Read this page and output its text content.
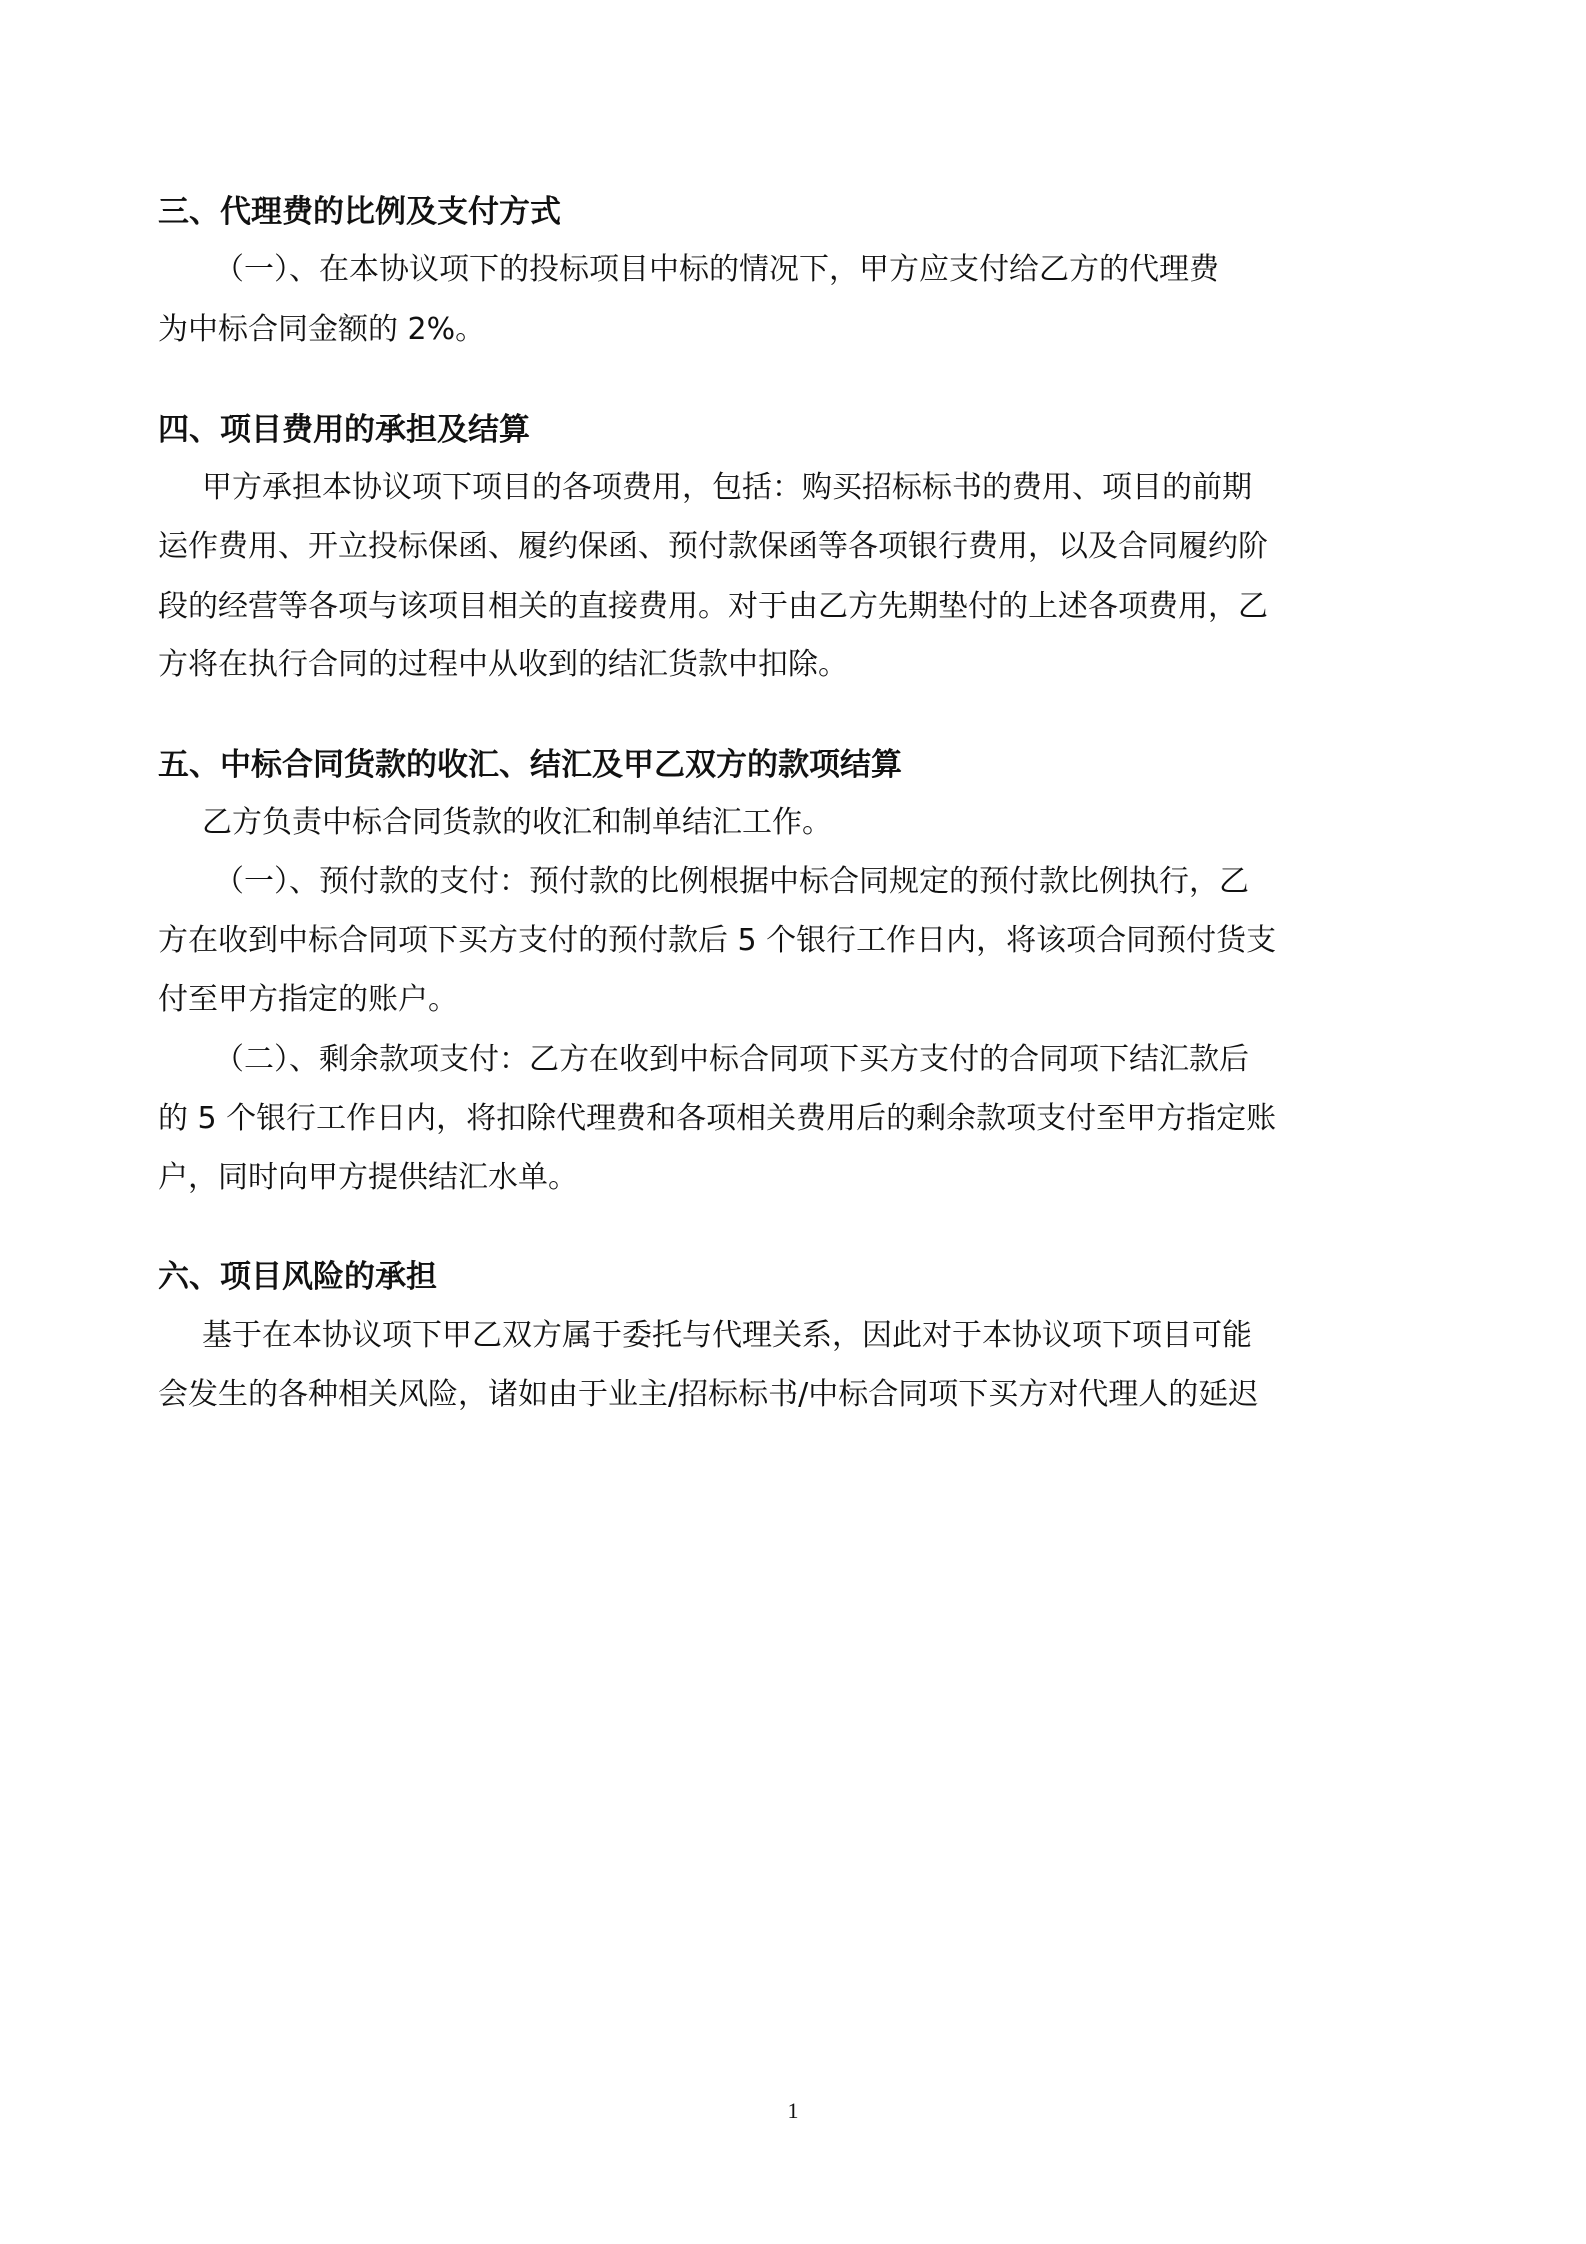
三、代理费的比例及支付方式
（一）、在本协议项下的投标项目中标的情况下，甲方应支付给乙方的代理费
为中标合同金额的 2%。
四、项目费用的承担及结算
甲方承担本协议项下项目的各项费用，包括：购买招标标书的费用、项目的前期
运作费用、开立投标保函、履约保函、预付款保函等各项银行费用，以及合同履约阶
段的经营等各项与该项目相关的直接费用。对于由乙方先期垫付的上述各项费用，乙
方将在执行合同的过程中从收到的结汇货款中扣除。
五、中标合同货款的收汇、结汇及甲乙双方的款项结算
乙方负责中标合同货款的收汇和制单结汇工作。
（一）、预付款的支付：预付款的比例根据中标合同规定的预付款比例执行，乙
方在收到中标合同项下买方支付的预付款后 5 个银行工作日内，将该项合同预付货支
付至甲方指定的账户。
（二）、剩余款项支付：乙方在收到中标合同项下买方支付的合同项下结汇款后
的 5 个银行工作日内，将扣除代理费和各项相关费用后的剩余款项支付至甲方指定账
户，同时向甲方提供结汇水单。
六、项目风险的承担
基于在本协议项下甲乙双方属于委托与代理关系，因此对于本协议项下项目可能
会发生的各种相关风险，诸如由于业主/招标标书/中标合同项下买方对代理人的延迟
1
